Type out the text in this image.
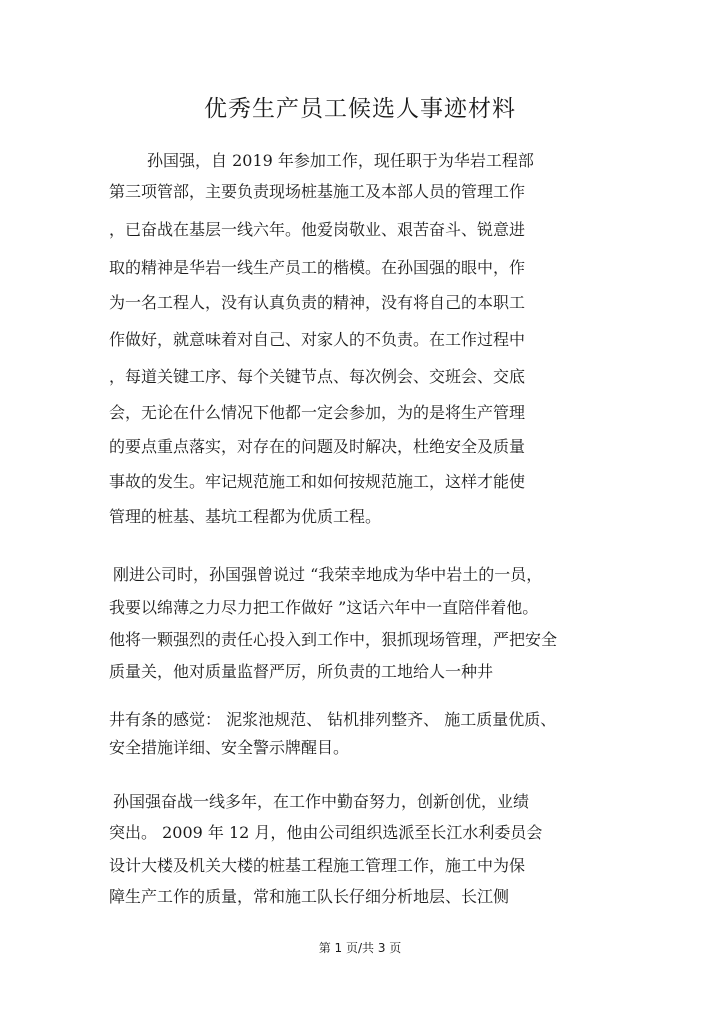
优秀生产员工候选人事迹材料

孙国强，自 2019 年参加工作，现任职于为华岩工程部

第三项管部，主要负责现场桩基施工及本部人员的管理工作

，已奋战在基层一线六年。他爱岗敬业、艰苦奋斗、锐意进

取的精神是华岩一线生产员工的楷模。在孙国强的眼中，作

为一名工程人，没有认真负责的精神，没有将自己的本职工

作做好，就意味着对自己、对家人的不负责。在工作过程中

，每道关键工序、每个关键节点、每次例会、交班会、交底

会，无论在什么情况下他都一定会参加，为的是将生产管理

的要点重点落实，对存在的问题及时解决，杜绝安全及质量

事故的发生。牢记规范施工和如何按规范施工，这样才能使

管理的桩基、基坑工程都为优质工程。

刚进公司时，孙国强曾说过 “我荣幸地成为华中岩土的一员，

我要以绵薄之力尽力把工作做好 ”这话六年中一直陪伴着他。

他将一颗强烈的责任心投入到工作中，狠抓现场管理，严把安全

质量关，他对质量监督严厉，所负责的工地给人一种井

井有条的感觉： 泥浆池规范、 钻机排列整齐、 施工质量优质、

安全措施详细、安全警示牌醒目。

孙国强奋战一线多年，在工作中勤奋努力，创新创优，业绩

突出。 2009 年 12 月，他由公司组织选派至长江水利委员会

设计大楼及机关大楼的桩基工程施工管理工作，施工中为保

障生产工作的质量，常和施工队长仔细分析地层、长江侧

第 1 页/共 3 页
